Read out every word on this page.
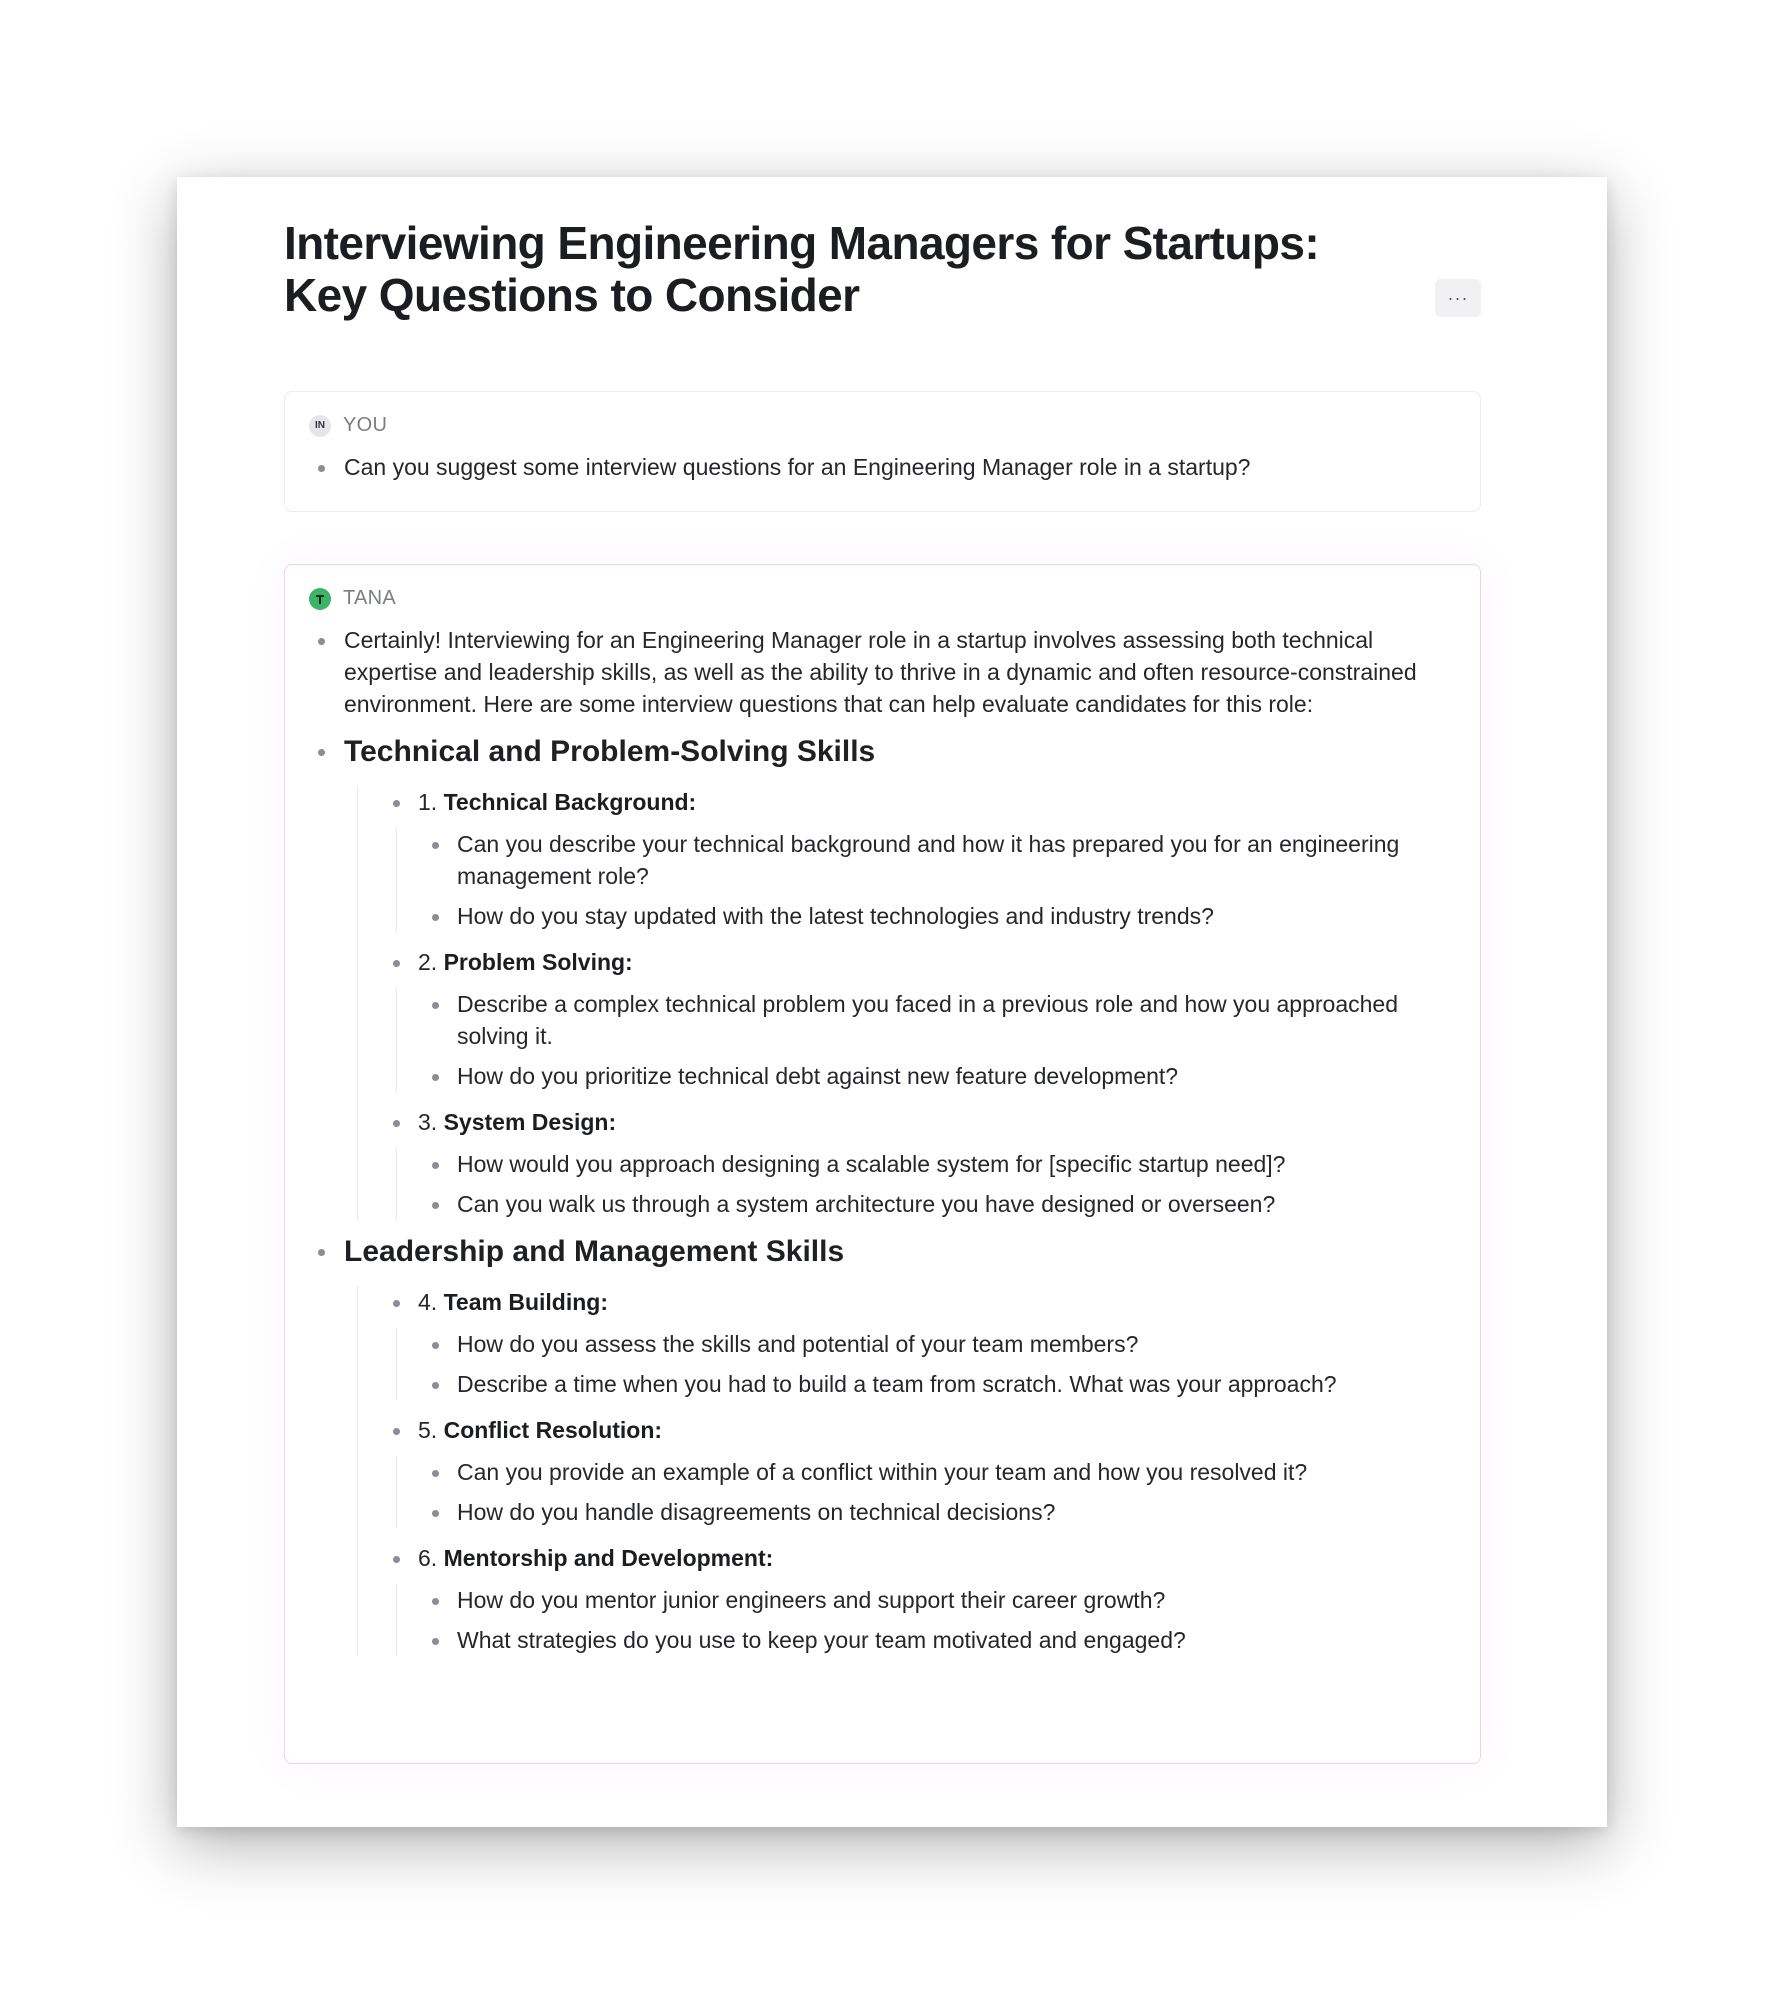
Interviewing Engineering Managers for Startups: Key Questions to Consider	···
IN YOU
Can you suggest some interview questions for an Engineering Manager role in a startup?
TANA
Certainly! Interviewing for an Engineering Manager role in a startup involves assessing both technical expertise and leadership skills, as well as the ability to thrive in a dynamic and often resource-constrained environment. Here are some interview questions that can help evaluate candidates for this role:
Technical and Problem-Solving Skills
1. Technical Background:
Can you describe your technical background and how it has prepared you for an engineering management role?
How do you stay updated with the latest technologies and industry trends?
2. Problem Solving:
Describe a complex technical problem you faced in a previous role and how you approached solving it.
How do you prioritize technical debt against new feature development?
3. System Design:
How would you approach designing a scalable system for [specific startup need]?
Can you walk us through a system architecture you have designed or overseen?
Leadership and Management Skills
4. Team Building:
How do you assess the skills and potential of your team members?
Describe a time when you had to build a team from scratch. What was your approach?
5. Conflict Resolution:
Can you provide an example of a conflict within your team and how you resolved it?
How do you handle disagreements on technical decisions?
6. Mentorship and Development:
How do you mentor junior engineers and support their career growth?
What strategies do you use to keep your team motivated and engaged?
